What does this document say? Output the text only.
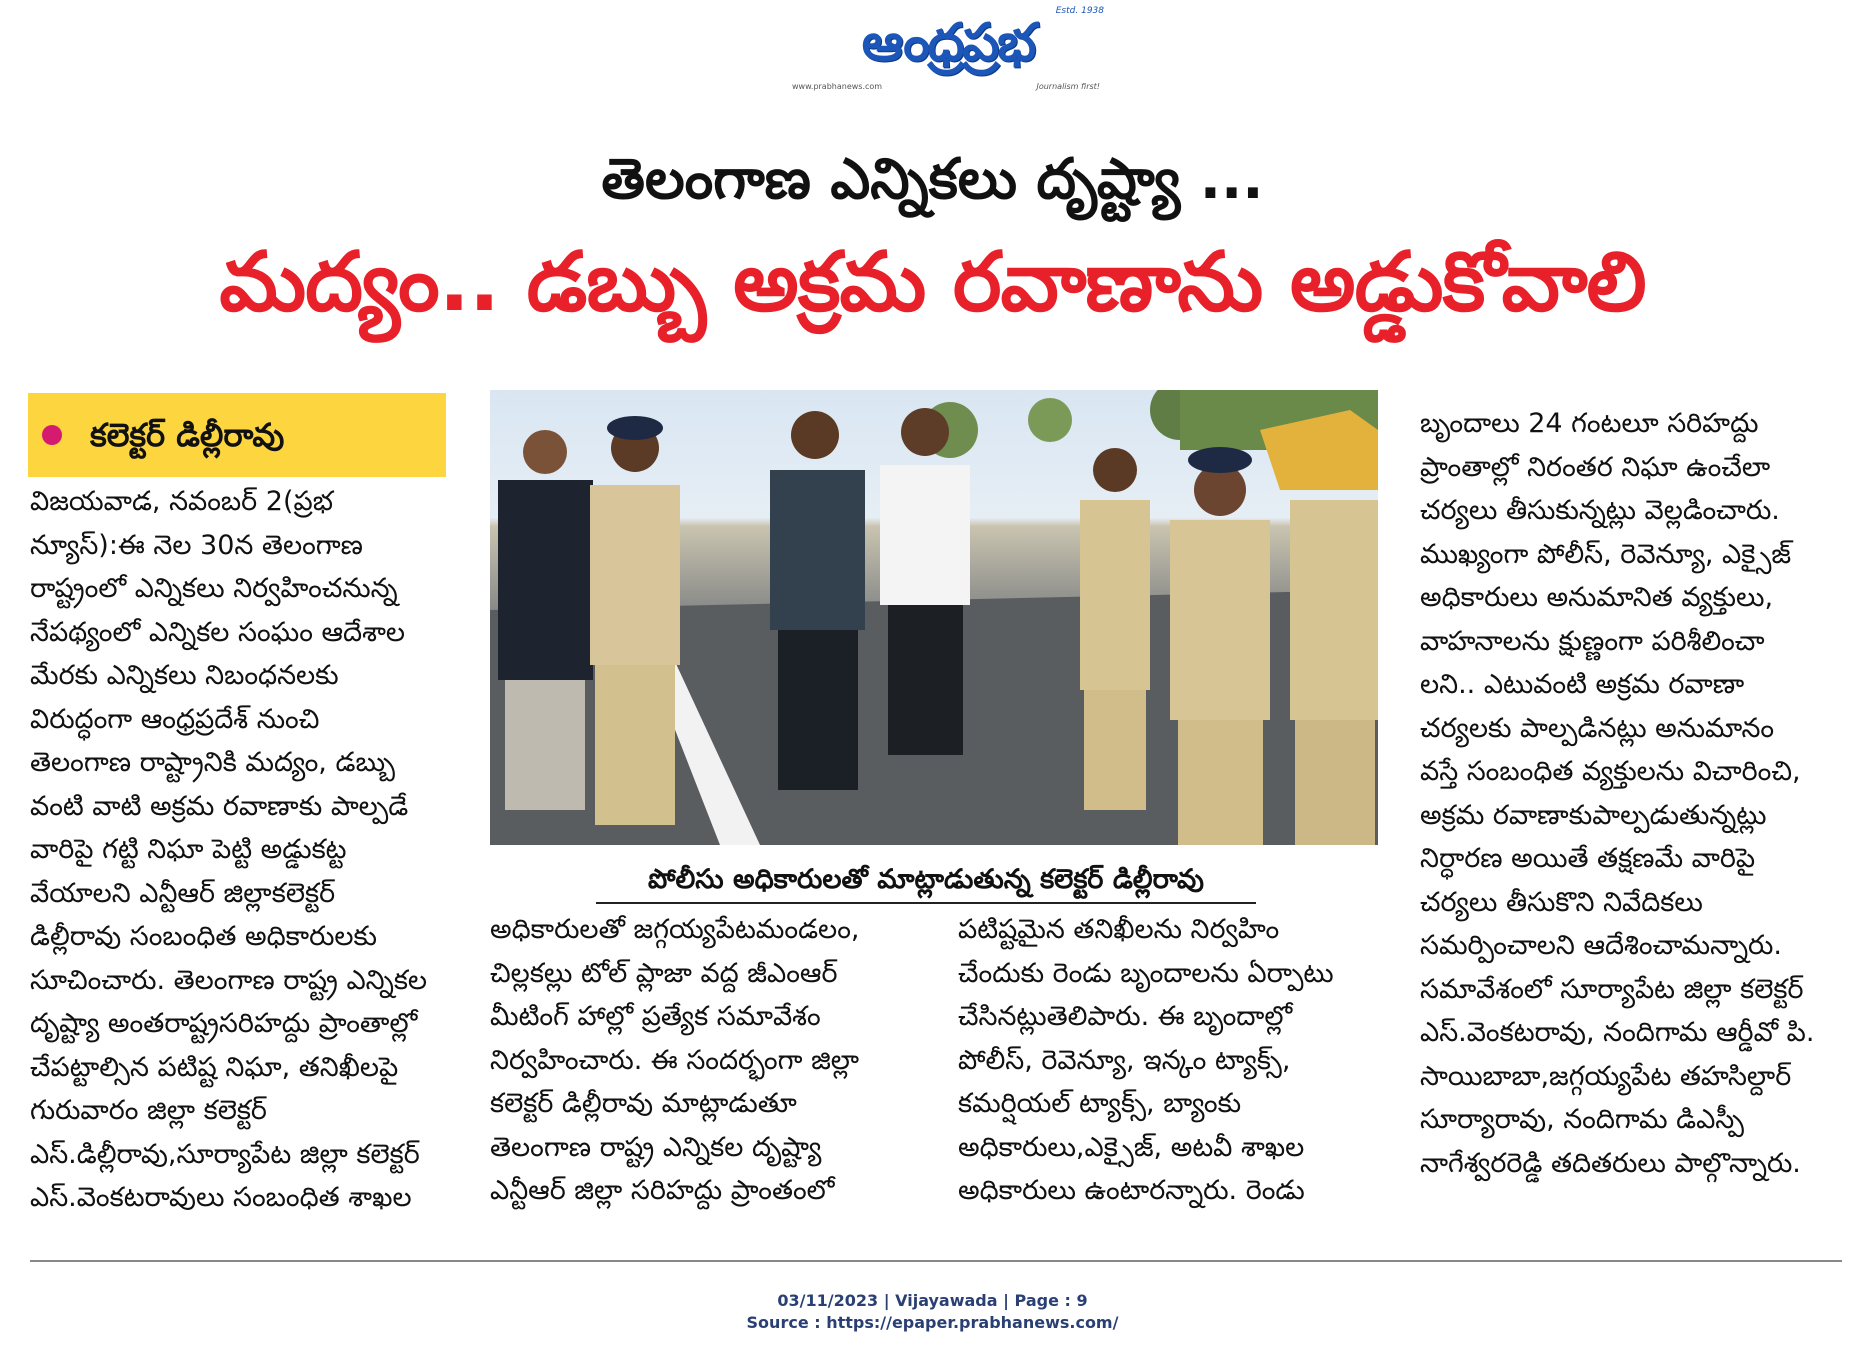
Estd. 1938
ఆంధ్రప్రభ
www.prabhanews.com	Journalism first!
తెలంగాణ ఎన్నికలు దృష్ట్యా ...
మద్యం.. డబ్బు అక్రమ రవాణాను అడ్డుకోవాలి
కలెక్టర్ డిల్లీరావు
విజయవాడ, నవంబర్ 2(ప్రభ
న్యూస్):ఈ నెల 30న తెలంగాణ
రాష్ట్రంలో ఎన్నికలు నిర్వహించనున్న
నేపథ్యంలో ఎన్నికల సంఘం ఆదేశాల
మేరకు ఎన్నికలు నిబంధనలకు
విరుద్ధంగా ఆంధ్రప్రదేశ్ నుంచి
తెలంగాణ రాష్ట్రానికి మద్యం, డబ్బు
వంటి వాటి అక్రమ రవాణాకు పాల్పడే
వారిపై గట్టి నిఘా పెట్టి అడ్డుకట్ట
వేయాలని ఎన్టీఆర్ జిల్లాకలెక్టర్
డిల్లీరావు సంబంధిత అధికారులకు
సూచించారు. తెలంగాణ రాష్ట్ర ఎన్నికల
దృష్ట్యా అంతరాష్ట్రసరిహద్దు ప్రాంతాల్లో
చేపట్టాల్సిన పటిష్ట నిఘా, తనిఖీలపై
గురువారం జిల్లా కలెక్టర్
ఎస్.డిల్లీరావు,సూర్యాపేట జిల్లా కలెక్టర్
ఎస్.వెంకటరావులు సంబంధిత శాఖల
పోలీసు అధికారులతో మాట్లాడుతున్న కలెక్టర్ డిల్లీరావు
అధికారులతో జగ్గయ్యపేటమండలం,
చిల్లకల్లు టోల్ ప్లాజా వద్ద జీఎంఆర్
మీటింగ్ హాల్లో ప్రత్యేక సమావేశం
నిర్వహించారు. ఈ సందర్భంగా జిల్లా
కలెక్టర్ డిల్లీరావు మాట్లాడుతూ
తెలంగాణ రాష్ట్ర ఎన్నికల దృష్ట్యా
ఎన్టీఆర్ జిల్లా సరిహద్దు ప్రాంతంలో
పటిష్టమైన తనిఖీలను నిర్వహిం
చేందుకు రెండు బృందాలను ఏర్పాటు
చేసినట్లుతెలిపారు. ఈ బృందాల్లో
పోలీస్, రెవెన్యూ, ఇన్కం ట్యాక్స్,
కమర్షియల్ ట్యాక్స్, బ్యాంకు
అధికారులు,ఎక్సైజ్, అటవీ శాఖల
అధికారులు ఉంటారన్నారు. రెండు
బృందాలు 24 గంటలూ సరిహద్దు
ప్రాంతాల్లో నిరంతర నిఘా ఉంచేలా
చర్యలు తీసుకున్నట్లు వెల్లడించారు.
ముఖ్యంగా పోలీస్, రెవెన్యూ, ఎక్సైజ్
అధికారులు అనుమానిత వ్యక్తులు,
వాహనాలను క్షుణ్ణంగా పరిశీలించా
లని.. ఎటువంటి అక్రమ రవాణా
చర్యలకు పాల్పడినట్లు అనుమానం
వస్తే సంబంధిత వ్యక్తులను విచారించి,
అక్రమ రవాణాకుపాల్పడుతున్నట్లు
నిర్ధారణ అయితే తక్షణమే వారిపై
చర్యలు తీసుకొని నివేదికలు
సమర్పించాలని ఆదేశించామన్నారు.
సమావేశంలో సూర్యాపేట జిల్లా కలెక్టర్
ఎస్.వెంకటరావు, నందిగామ ఆర్డీవో పి.
సాయిబాబా,జగ్గయ్యపేట తహసిల్దార్
సూర్యారావు, నందిగామ డిఎస్పీ
నాగేశ్వరరెడ్డి తదితరులు పాల్గొన్నారు.
03/11/2023 | Vijayawada | Page : 9
Source : https://epaper.prabhanews.com/
